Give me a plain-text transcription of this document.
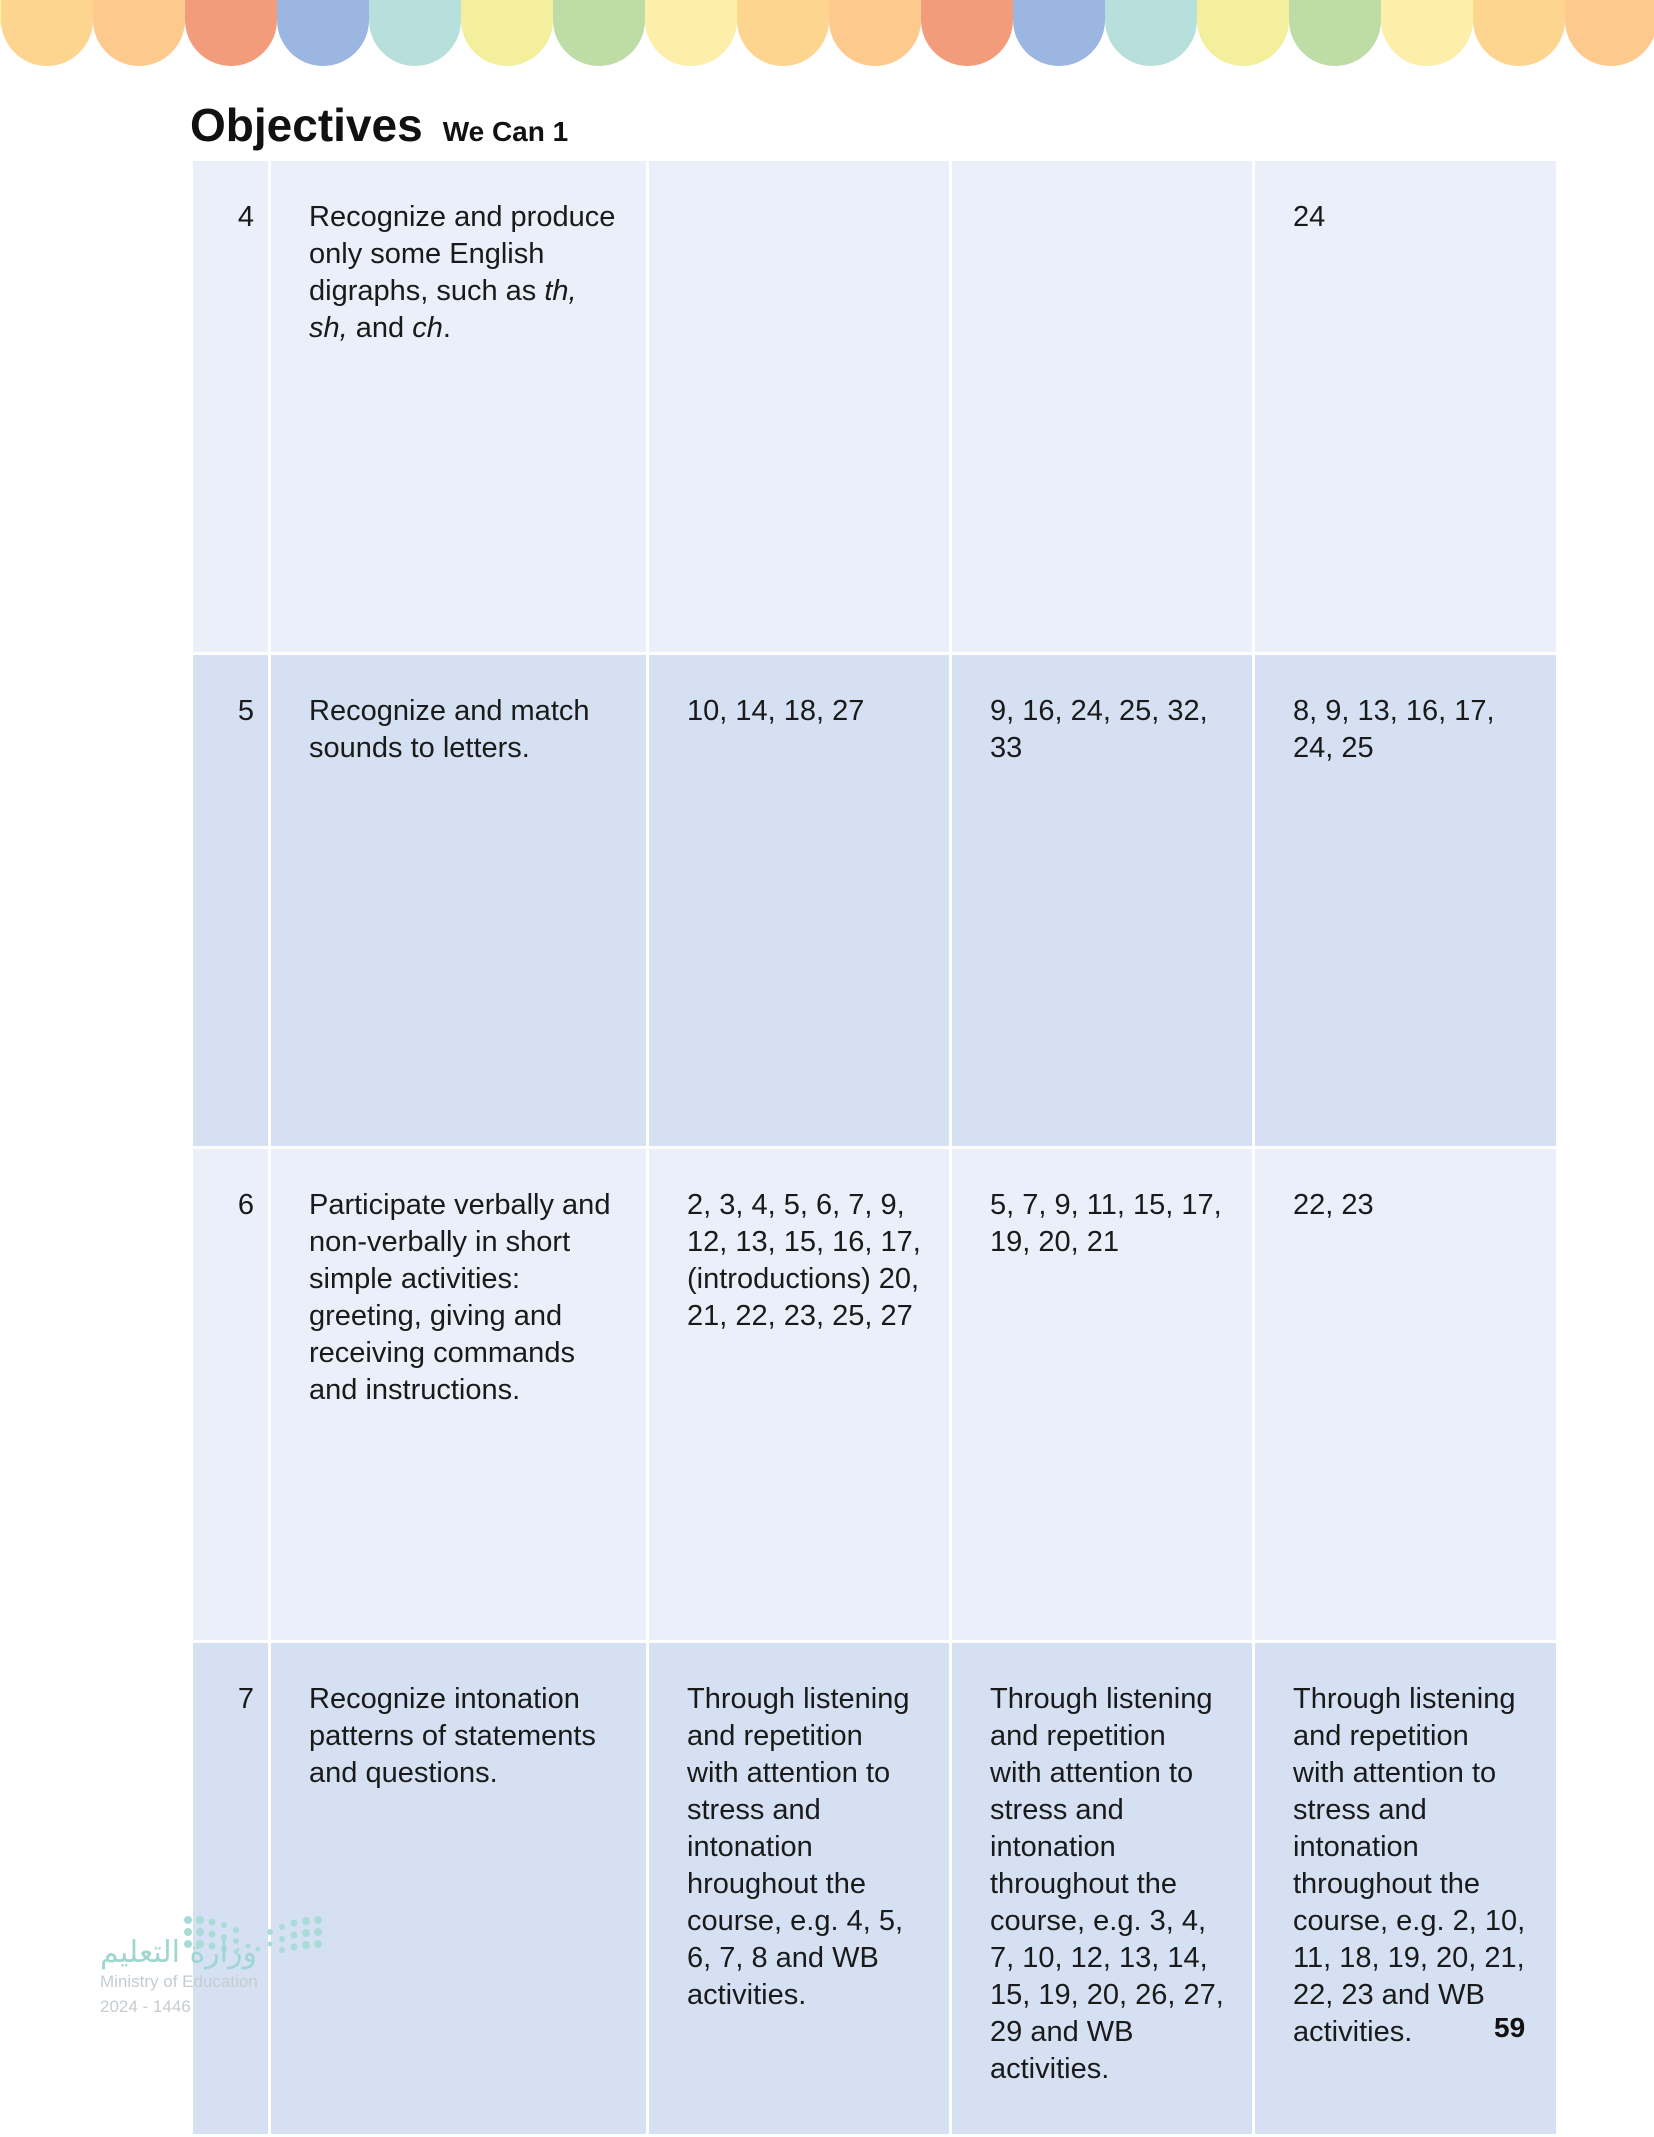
Objectives We Can 1
4	Recognize and produce only some English digraphs, such as th, sh, and ch.			24
5	Recognize and match sounds to letters.	10, 14, 18, 27	9, 16, 24, 25, 32, 33	8, 9, 13, 16, 17, 24, 25
6	Participate verbally and non-verbally in short simple activities: greeting, giving and receiving commands and instructions.	2, 3, 4, 5, 6, 7, 9, 12, 13, 15, 16, 17, (introductions) 20, 21, 22, 23, 25, 27	5, 7, 9, 11, 15, 17, 19, 20, 21	22, 23
7	Recognize intonation patterns of statements and questions.	Through listening and repetition with attention to stress and intonation hroughout the course, e.g. 4, 5, 6, 7, 8 and WB activities.	Through listening and repetition with attention to stress and intonation throughout the course, e.g. 3, 4, 7, 10, 12, 13, 14, 15, 19, 20, 26, 27, 29 and WB activities.	Through listening and repetition with attention to stress and intonation throughout the course, e.g. 2, 10, 11, 18, 19, 20, 21, 22, 23 and WB activities.
وزارة التعليم
Ministry of Education
2024 - 1446
59
